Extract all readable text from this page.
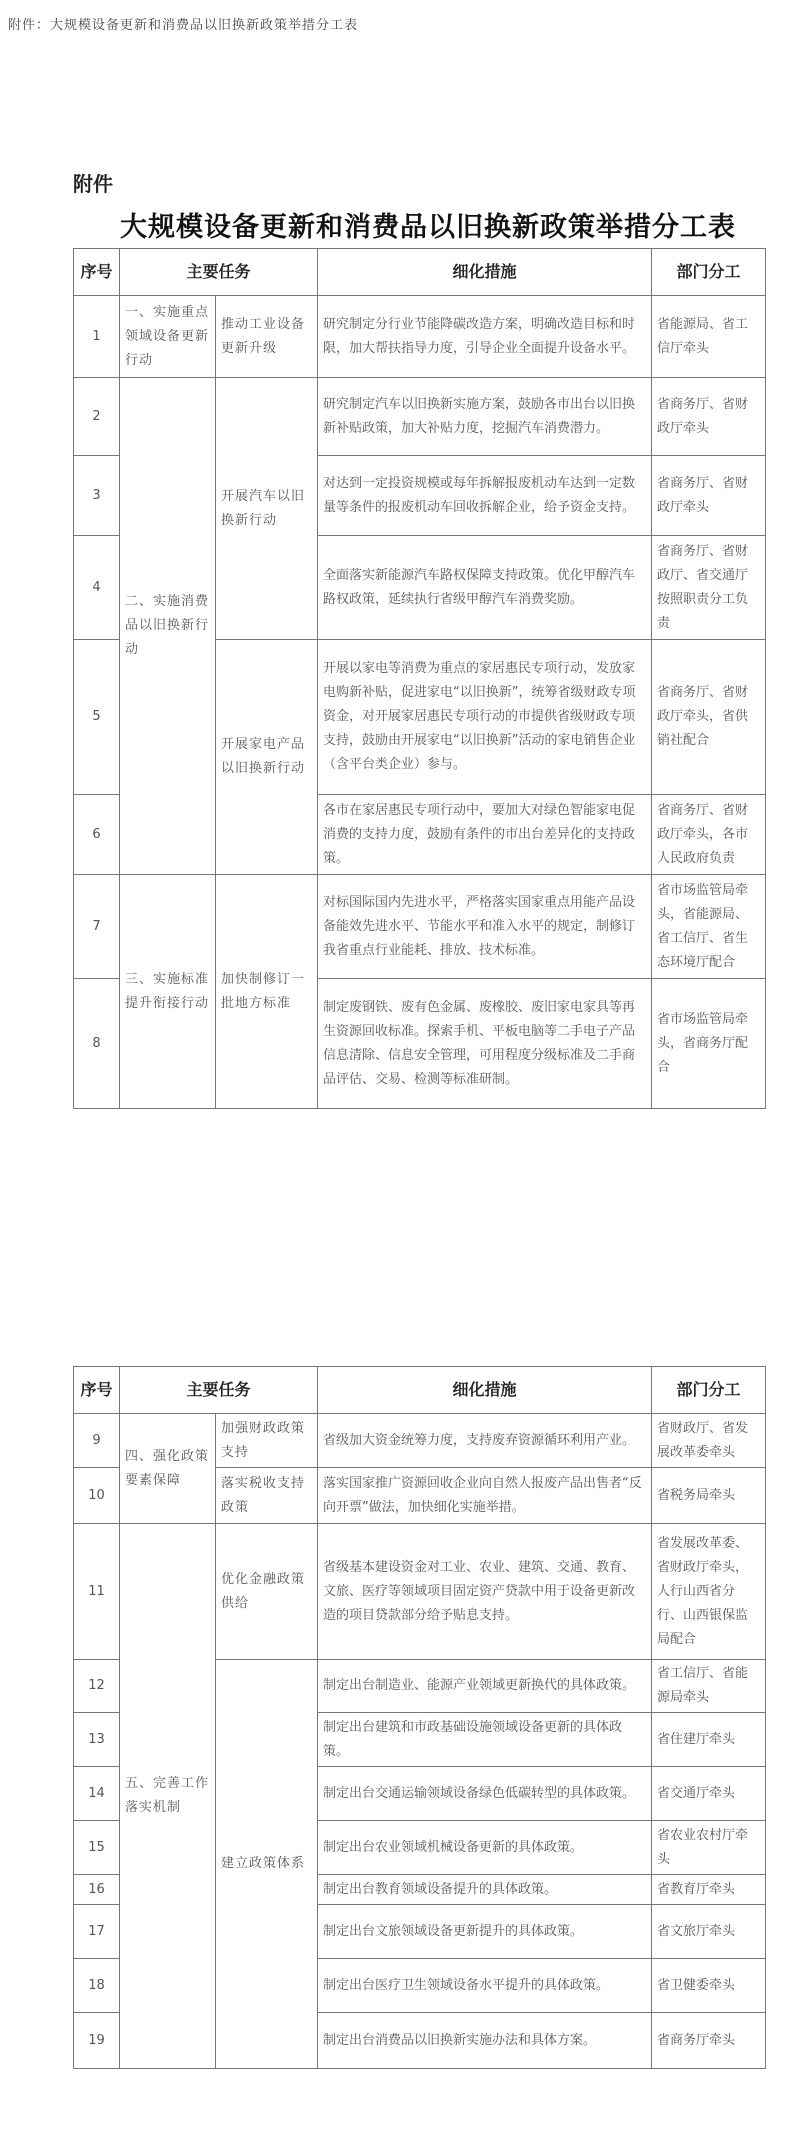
附件：大规模设备更新和消费品以旧换新政策举措分工表
附件
大规模设备更新和消费品以旧换新政策举措分工表
序号	主要任务		细化措施	部门分工
1	一、实施重点领域设备更新行动	推动工业设备更新升级	研究制定分行业节能降碳改造方案，明确改造目标和时限，加大帮扶指导力度，引导企业全面提升设备水平。	省能源局、省工信厅牵头
2	二、实施消费品以旧换新行动	开展汽车以旧换新行动	研究制定汽车以旧换新实施方案，鼓励各市出台以旧换新补贴政策，加大补贴力度，挖掘汽车消费潜力。	省商务厅、省财政厅牵头
3			对达到一定投资规模或每年拆解报废机动车达到一定数量等条件的报废机动车回收拆解企业，给予资金支持。	省商务厅、省财政厅牵头
4			全面落实新能源汽车路权保障支持政策。优化甲醇汽车路权政策，延续执行省级甲醇汽车消费奖励。	省商务厅、省财政厅、省交通厅按照职责分工负责
5		开展家电产品以旧换新行动	开展以家电等消费为重点的家居惠民专项行动，发放家电购新补贴，促进家电“以旧换新”，统筹省级财政专项资金，对开展家居惠民专项行动的市提供省级财政专项支持，鼓励由开展家电“以旧换新”活动的家电销售企业（含平台类企业）参与。	省商务厅、省财政厅牵头，省供销社配合
6			各市在家居惠民专项行动中，要加大对绿色智能家电促消费的支持力度，鼓励有条件的市出台差异化的支持政策。	省商务厅、省财政厅牵头，各市人民政府负责
7	三、实施标准提升衔接行动	加快制修订一批地方标准	对标国际国内先进水平，严格落实国家重点用能产品设备能效先进水平、节能水平和准入水平的规定，制修订我省重点行业能耗、排放、技术标准。	省市场监管局牵头，省能源局、省工信厅、省生态环境厅配合
8			制定废钢铁、废有色金属、废橡胶、废旧家电家具等再生资源回收标准。探索手机、平板电脑等二手电子产品信息清除、信息安全管理，可用程度分级标准及二手商品评估、交易、检测等标准研制。	省市场监管局牵头，省商务厅配合
序号	主要任务		细化措施	部门分工
9	四、强化政策要素保障	加强财政政策支持	省级加大资金统筹力度，支持废弃资源循环利用产业。	省财政厅、省发展改革委牵头
10		落实税收支持政策	落实国家推广资源回收企业向自然人报废产品出售者“反向开票”做法，加快细化实施举措。	省税务局牵头
11	五、完善工作落实机制	优化金融政策供给	省级基本建设资金对工业、农业、建筑、交通、教育、文旅、医疗等领域项目固定资产贷款中用于设备更新改造的项目贷款部分给予贴息支持。	省发展改革委、省财政厅牵头，人行山西省分行、山西银保监局配合
12		建立政策体系	制定出台制造业、能源产业领域更新换代的具体政策。	省工信厅、省能源局牵头
13			制定出台建筑和市政基础设施领域设备更新的具体政策。	省住建厅牵头
14			制定出台交通运输领域设备绿色低碳转型的具体政策。	省交通厅牵头
15			制定出台农业领域机械设备更新的具体政策。	省农业农村厅牵头
16			制定出台教育领域设备提升的具体政策。	省教育厅牵头
17			制定出台文旅领域设备更新提升的具体政策。	省文旅厅牵头
18			制定出台医疗卫生领域设备水平提升的具体政策。	省卫健委牵头
19			制定出台消费品以旧换新实施办法和具体方案。	省商务厅牵头
